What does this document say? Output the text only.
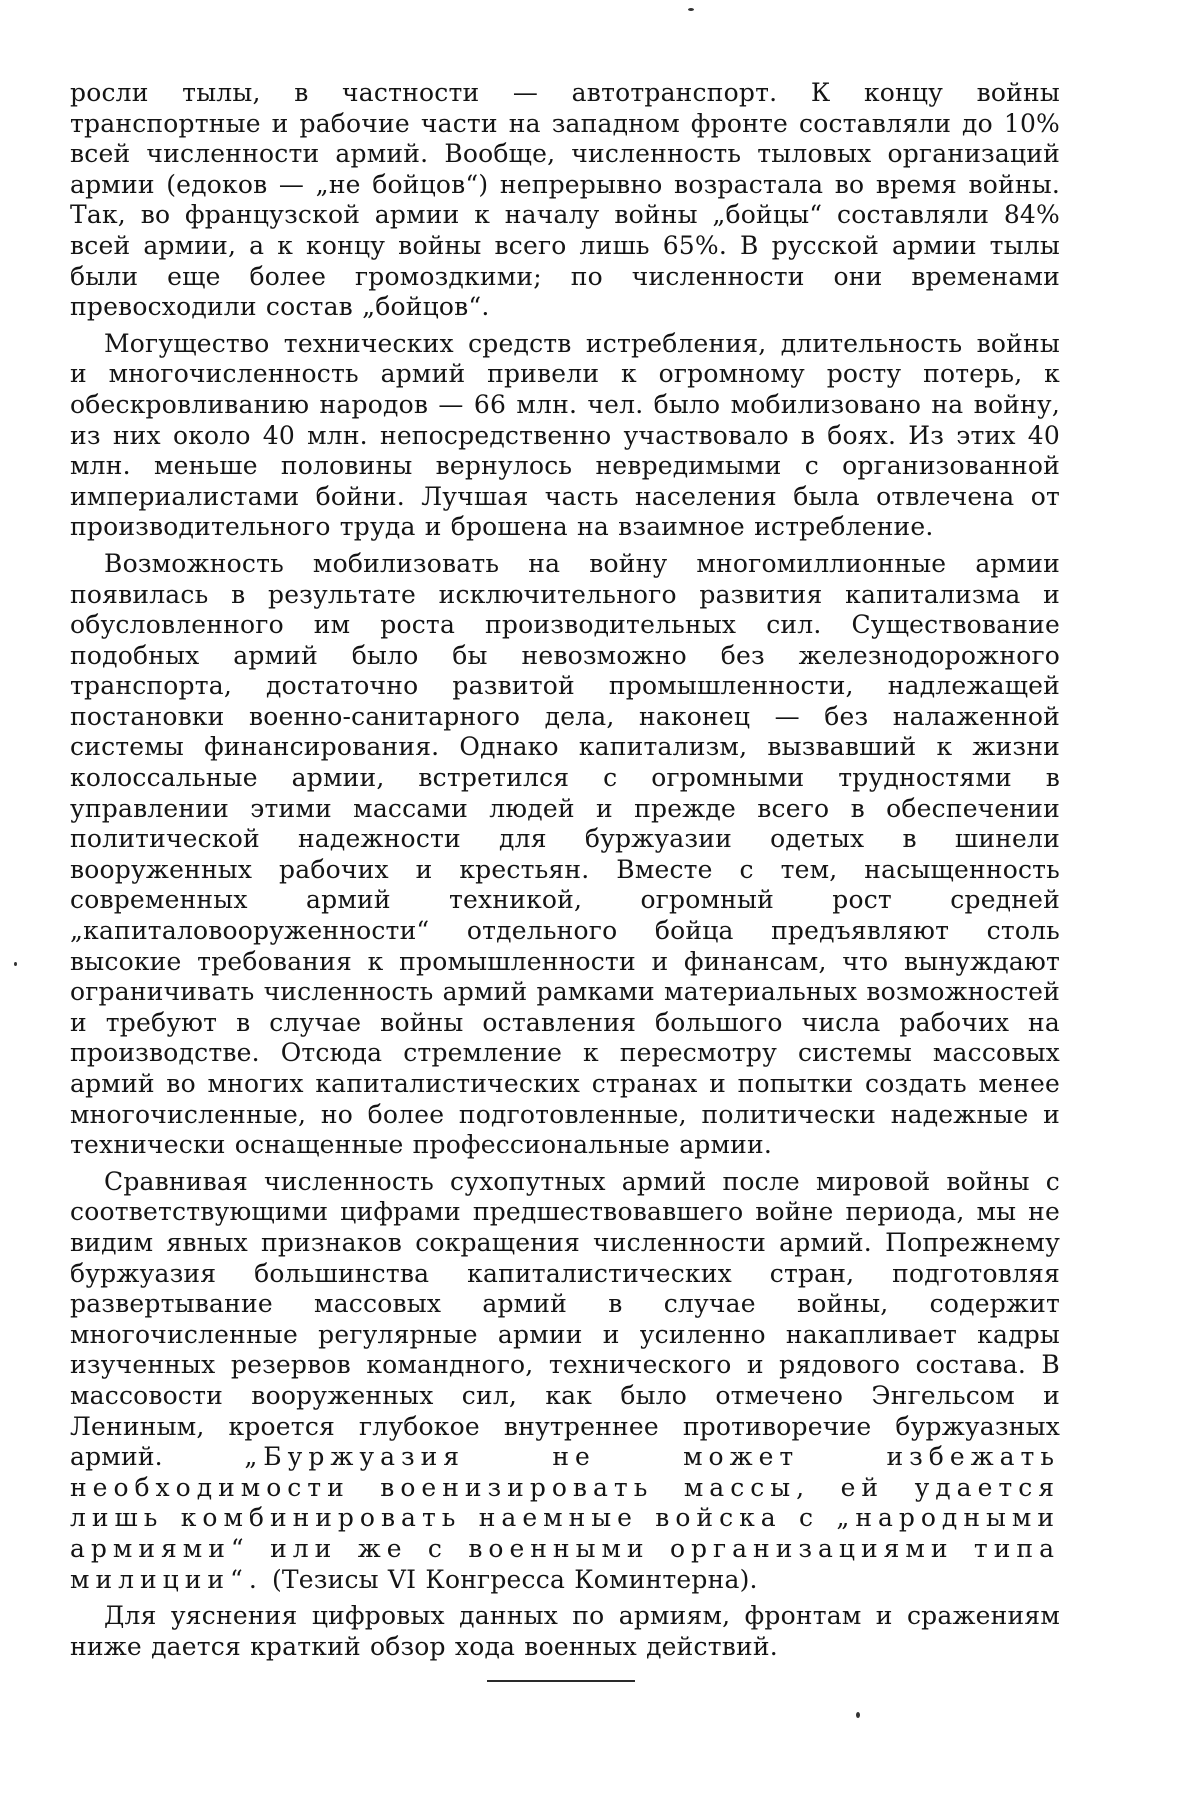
росли тылы, в частности — автотранспорт. К концу войны транспортные и рабочие части на западном фронте составляли до 10% всей численности армий. Вообще, численность тыловых организаций армии (едоков — „не бойцов“) непрерывно возрастала во время войны. Так, во французской армии к началу войны „бойцы“ составляли 84% всей армии, а к концу войны всего лишь 65%. В русской армии тылы были еще более громоздкими; по численности они временами превосходили состав „бойцов“.

Могущество технических средств истребления, длительность войны и многочисленность армий привели к огромному росту потерь, к обескровливанию народов — 66 млн. чел. было мобилизовано на войну, из них около 40 млн. непосредственно участвовало в боях. Из этих 40 млн. меньше половины вернулось невредимыми с организованной империалистами бойни. Лучшая часть населения была отвлечена от производительного труда и брошена на взаимное истребление.

Возможность мобилизовать на войну многомиллионные армии появилась в результате исключительного развития капитализма и обусловленного им роста производительных сил. Существование подобных армий было бы невозможно без железнодорожного транспорта, достаточно развитой промышленности, надлежащей постановки военно-санитарного дела, наконец — без налаженной системы финансирования. Однако капитализм, вызвавший к жизни колоссальные армии, встретился с огромными трудностями в управлении этими массами людей и прежде всего в обеспечении политической надежности для буржуазии одетых в шинели вооруженных рабочих и крестьян. Вместе с тем, насыщенность современных армий техникой, огромный рост средней „капиталовооруженности“ отдельного бойца предъявляют столь высокие требования к промышленности и финансам, что вынуждают ограничивать численность армий рамками материальных возможностей и требуют в случае войны оставления большого числа рабочих на производстве. Отсюда стремление к пересмотру системы массовых армий во многих капиталистических странах и попытки создать менее многочисленные, но более подготовленные, политически надежные и технически оснащенные профессиональные армии.

Сравнивая численность сухопутных армий после мировой войны с соответствующими цифрами предшествовавшего войне периода, мы не видим явных признаков сокращения численности армий. Попрежнему буржуазия большинства капиталистических стран, подготовляя развертывание массовых армий в случае войны, содержит многочисленные регулярные армии и усиленно накапливает кадры изученных резервов командного, технического и рядового состава. В массовости вооруженных сил, как было отмечено Энгельсом и Лениным, кроется глубокое внутреннее противоречие буржуазных армий.	„Буржуазия не может избежать необходимости военизировать массы, ей удается лишь комбинировать наемные войска с „народными армиями“ или же с военными организациями типа милиции“. (Тезисы VI Конгресса Коминтерна).

Для уяснения цифровых данных по армиям, фронтам и сражениям ниже дается краткий обзор хода военных действий.
